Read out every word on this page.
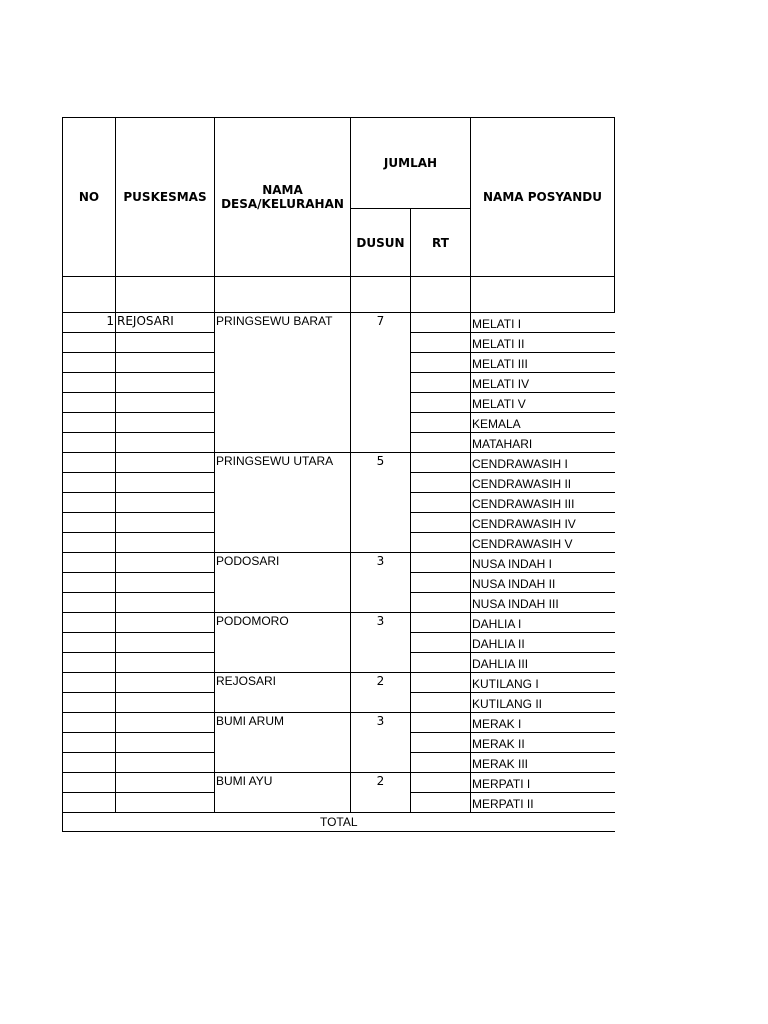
NO	PUSKESMAS	NAMA DESA/KELURAHAN	JUMLAH		NAMA POSYANDU
			DUSUN	RT	

1	REJOSARI	PRINGSEWU BARAT	7		MELATI I
					MELATI II
					MELATI III
					MELATI IV
					MELATI V
					KEMALA
					MATAHARI
		PRINGSEWU UTARA	5		CENDRAWASIH I
					CENDRAWASIH II
					CENDRAWASIH III
					CENDRAWASIH IV
					CENDRAWASIH V
		PODOSARI	3		NUSA INDAH I
					NUSA INDAH II
					NUSA INDAH III
		PODOMORO	3		DAHLIA I
					DAHLIA II
					DAHLIA III
		REJOSARI	2		KUTILANG I
					KUTILANG II
		BUMI ARUM	3		MERAK I
					MERAK II
					MERAK III
		BUMI AYU	2		MERPATI I
					MERPATI II
TOTAL					
